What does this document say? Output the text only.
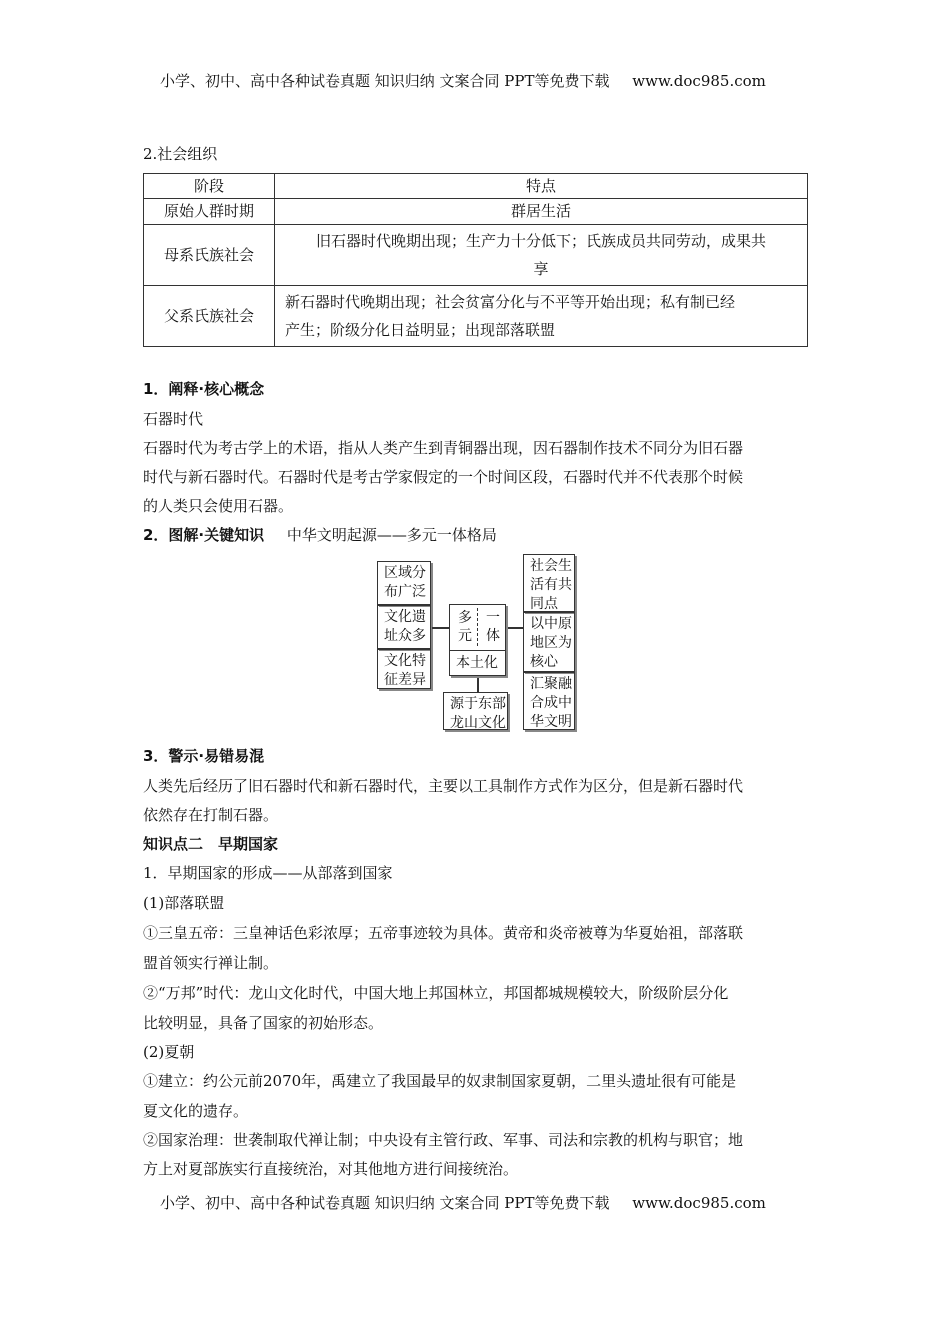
小学、初中、高中各种试卷真题 知识归纳 文案合同 PPT等免费下载 www.doc985.com
2.社会组织
阶段	特点
原始人群时期	群居生活
母系氏族社会	旧石器时代晚期出现；生产力十分低下；氏族成员共同劳动，成果共
享

父系氏族社会	新石器时代晚期出现；社会贫富分化与不平等开始出现；私有制已经
产生；阶级分化日益明显；出现部落联盟
1．阐释·核心概念
石器时代
石器时代为考古学上的术语，指从人类产生到青铜器出现，因石器制作技术不同分为旧石器
时代与新石器时代。石器时代是考古学家假定的一个时间区段，石器时代并不代表那个时候
的人类只会使用石器。
2．图解·关键知识 中华文明起源——多元一体格局
区域分
布广泛
文化遗
址众多
文化特
征差异
多
元
一
体
本土化
源于东部
龙山文化
社会生
活有共
同点
以中原
地区为
核心
汇聚融
合成中
华文明
3．警示·易错易混
人类先后经历了旧石器时代和新石器时代，主要以工具制作方式作为区分，但是新石器时代
依然存在打制石器。
知识点二　早期国家
1．早期国家的形成——从部落到国家
(1)部落联盟
①三皇五帝：三皇神话色彩浓厚；五帝事迹较为具体。黄帝和炎帝被尊为华夏始祖，部落联
盟首领实行禅让制。
②“万邦”时代：龙山文化时代，中国大地上邦国林立，邦国都城规模较大，阶级阶层分化
比较明显，具备了国家的初始形态。
(2)夏朝
①建立：约公元前2070年，禹建立了我国最早的奴隶制国家夏朝，二里头遗址很有可能是
夏文化的遗存。
②国家治理：世袭制取代禅让制；中央设有主管行政、军事、司法和宗教的机构与职官；地
方上对夏部族实行直接统治，对其他地方进行间接统治。
小学、初中、高中各种试卷真题 知识归纳 文案合同 PPT等免费下载 www.doc985.com
